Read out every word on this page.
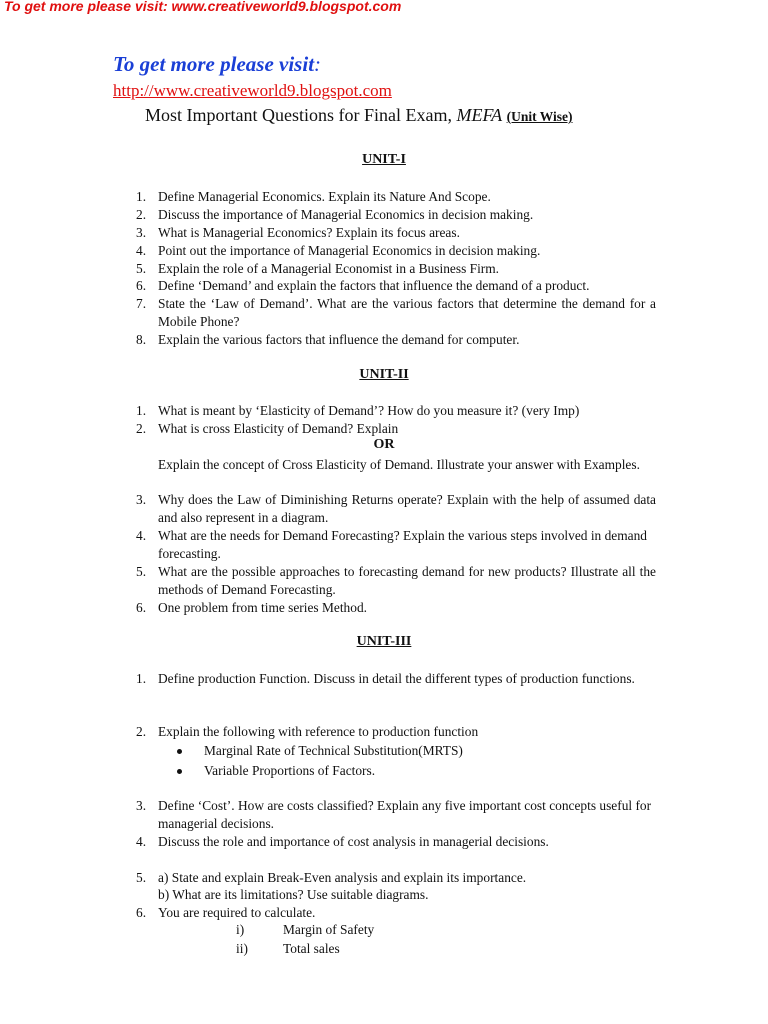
To get more please visit: www.creativeworld9.blogspot.com
To get more please visit:
http://www.creativeworld9.blogspot.com
Most Important Questions for Final Exam, MEFA (Unit Wise)
UNIT-I
1. Define Managerial Economics. Explain its Nature And Scope.
2. Discuss the importance of Managerial Economics in decision making.
3. What is Managerial Economics? Explain its focus areas.
4. Point out the importance of Managerial Economics in decision making.
5. Explain the role of a Managerial Economist in a Business Firm.
6. Define ‘Demand’ and explain the factors that influence the demand of a product.
7. State the ‘Law of Demand’. What are the various factors that determine the demand for a Mobile Phone?
8. Explain the various factors that influence the demand for computer.
UNIT-II
1. What is meant by ‘Elasticity of Demand’? How do you measure it? (very Imp)
2. What is cross Elasticity of Demand? Explain
OR
Explain the concept of Cross Elasticity of Demand. Illustrate your answer with Examples.
3. Why does the Law of Diminishing Returns operate? Explain with the help of assumed data and also represent in a diagram.
4. What are the needs for Demand Forecasting? Explain the various steps involved in demand forecasting.
5. What are the possible approaches to forecasting demand for new products? Illustrate all the methods of Demand Forecasting.
6. One problem from time series Method.
UNIT-III
1. Define production Function. Discuss in detail the different types of production functions.
2. Explain the following with reference to production function
Marginal Rate of Technical Substitution(MRTS)
Variable Proportions of Factors.
3. Define ‘Cost’. How are costs classified? Explain any five important cost concepts useful for managerial decisions.
4. Discuss the role and importance of cost analysis in managerial decisions.
5. a) State and explain Break-Even analysis and explain its importance.
b) What are its limitations? Use suitable diagrams.
6. You are required to calculate.
i)	Margin of Safety
ii)	Total sales
